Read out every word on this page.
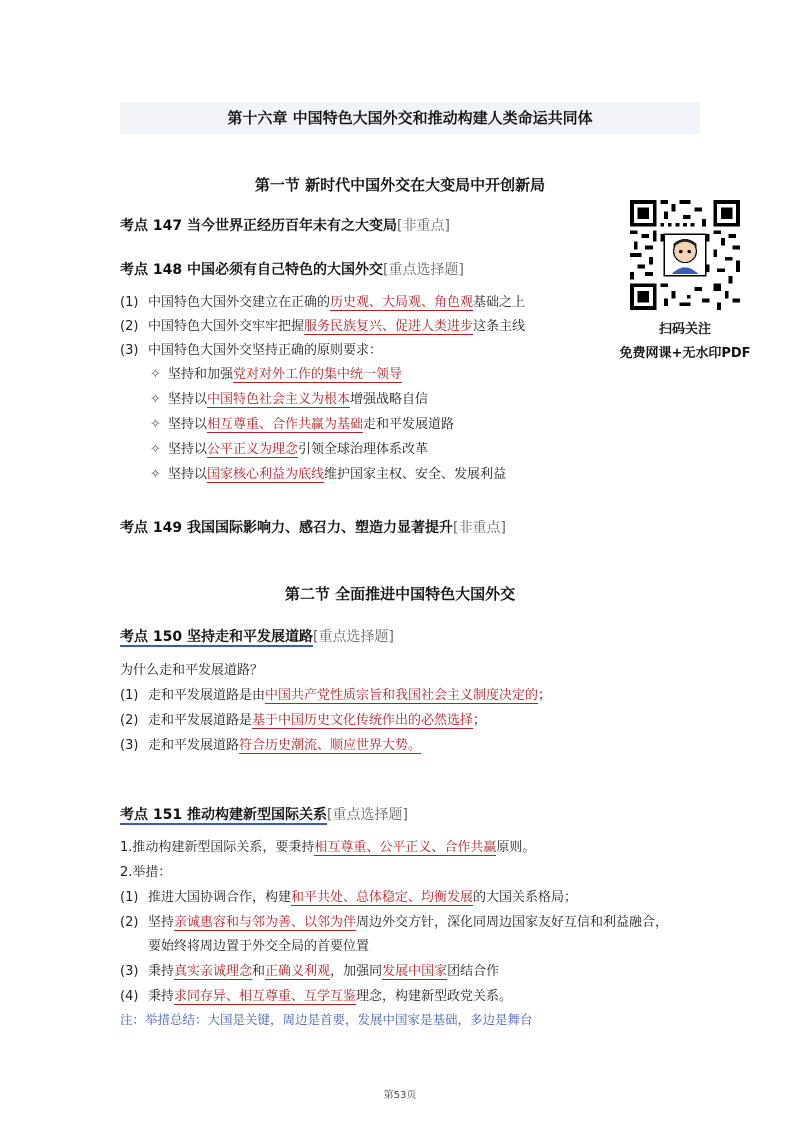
第十六章 中国特色大国外交和推动构建人类命运共同体
第一节 新时代中国外交在大变局中开创新局
考点 147 当今世界正经历百年未有之大变局[非重点]
考点 148 中国必须有自己特色的大国外交[重点选择题]
(1) 中国特色大国外交建立在正确的历史观、大局观、角色观基础之上
(2) 中国特色大国外交牢牢把握服务民族复兴、促进人类进步这条主线
(3) 中国特色大国外交坚持正确的原则要求：
✧ 坚持和加强党对对外工作的集中统一领导
✧ 坚持以中国特色社会主义为根本增强战略自信
✧ 坚持以相互尊重、合作共赢为基础走和平发展道路
✧ 坚持以公平正义为理念引领全球治理体系改革
✧ 坚持以国家核心利益为底线维护国家主权、安全、发展利益
考点 149 我国国际影响力、感召力、塑造力显著提升[非重点]
第二节 全面推进中国特色大国外交
考点 150 坚持走和平发展道路[重点选择题]
为什么走和平发展道路？
(1) 走和平发展道路是由中国共产党性质宗旨和我国社会主义制度决定的；
(2) 走和平发展道路是基于中国历史文化传统作出的必然选择；
(3) 走和平发展道路符合历史潮流、顺应世界大势。
考点 151 推动构建新型国际关系[重点选择题]
1.推动构建新型国际关系，要秉持相互尊重、公平正义、合作共赢原则。
2.举措：
(1) 推进大国协调合作，构建和平共处、总体稳定、均衡发展的大国关系格局；
(2) 坚持亲诚惠容和与邻为善、以邻为伴周边外交方针，深化同周边国家友好互信和利益融合，
要始终将周边置于外交全局的首要位置
(3) 秉持真实亲诚理念和正确义利观，加强同发展中国家团结合作
(4) 秉持求同存异、相互尊重、互学互鉴理念，构建新型政党关系。
注：举措总结：大国是关键，周边是首要，发展中国家是基础，多边是舞台
扫码关注
免费网课+无水印PDF
第53页
